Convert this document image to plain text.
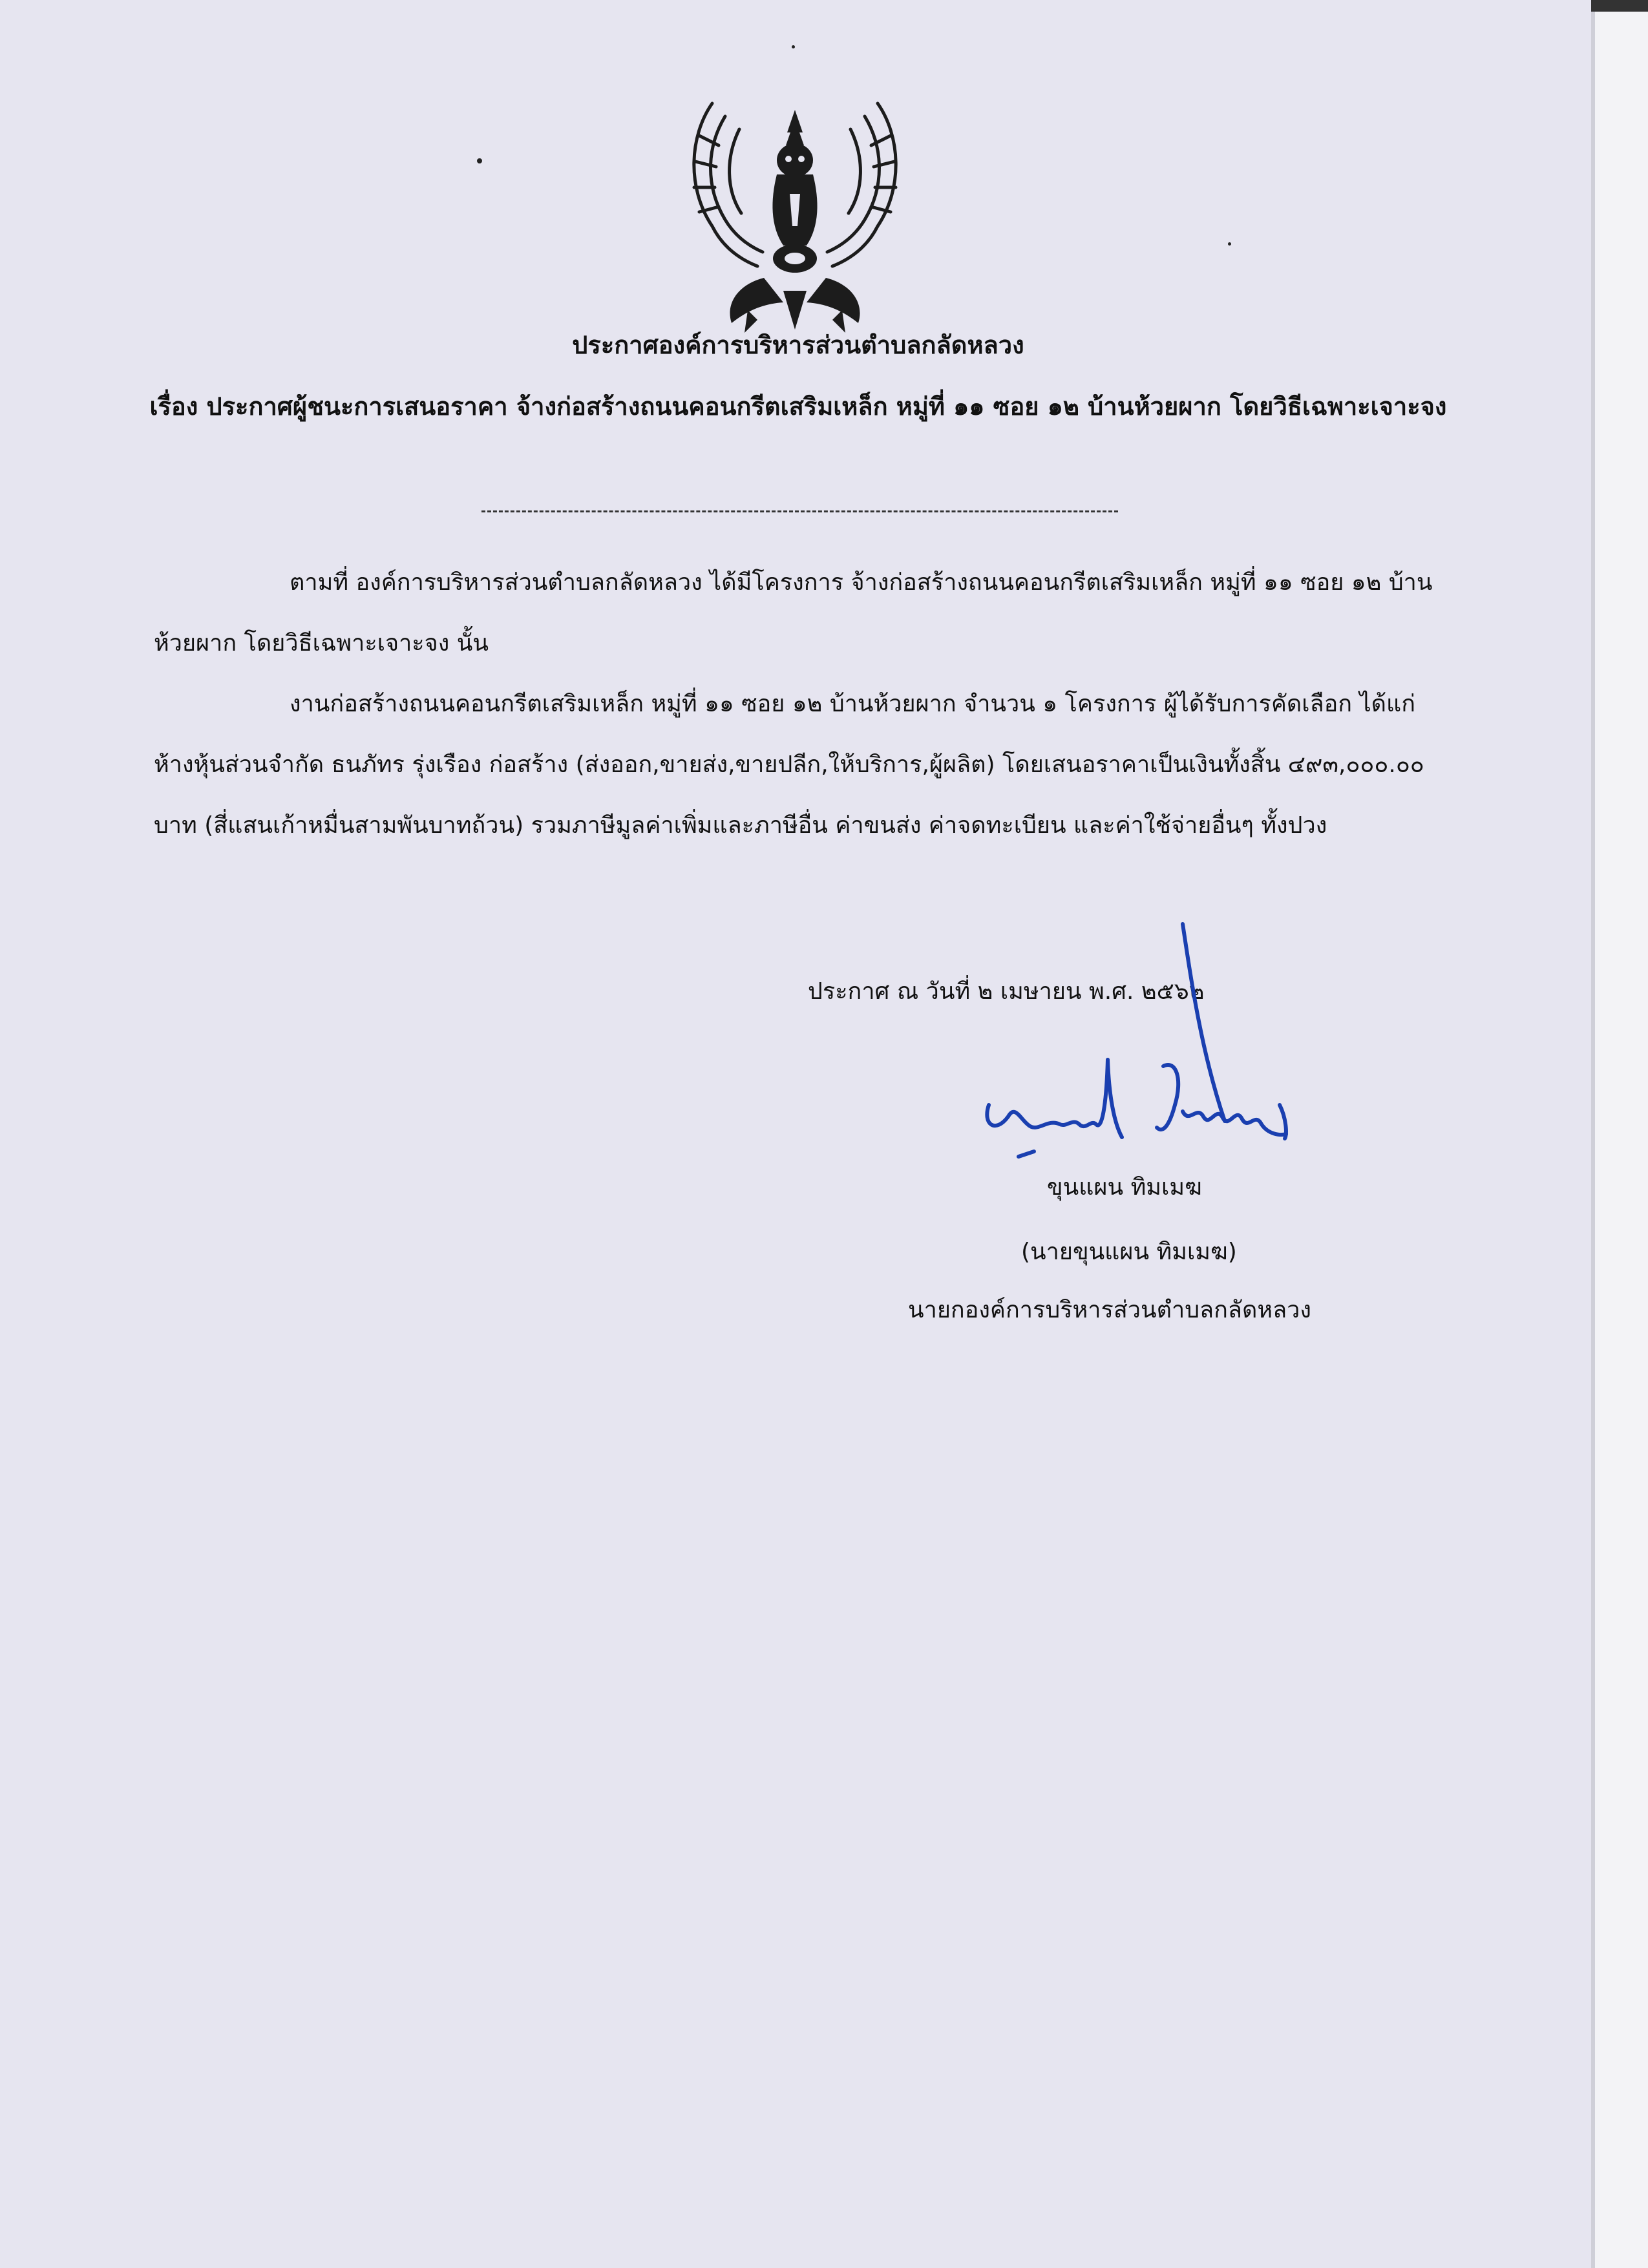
ประกาศองค์การบริหารส่วนตำบลกลัดหลวง
เรื่อง ประกาศผู้ชนะการเสนอราคา จ้างก่อสร้างถนนคอนกรีตเสริมเหล็ก หมู่ที่ ๑๑ ซอย ๑๒ บ้านห้วยผาก โดยวิธีเฉพาะเจาะจง

ตามที่ องค์การบริหารส่วนตำบลกลัดหลวง ได้มีโครงการ จ้างก่อสร้างถนนคอนกรีตเสริมเหล็ก หมู่ที่ ๑๑ ซอย ๑๒ บ้านห้วยผาก โดยวิธีเฉพาะเจาะจง นั้น

งานก่อสร้างถนนคอนกรีตเสริมเหล็ก หมู่ที่ ๑๑ ซอย ๑๒ บ้านห้วยผาก จำนวน ๑ โครงการ ผู้ได้รับการคัดเลือก ได้แก่ ห้างหุ้นส่วนจำกัด ธนภัทร รุ่งเรือง ก่อสร้าง (ส่งออก,ขายส่ง,ขายปลีก,ให้บริการ,ผู้ผลิต) โดยเสนอราคาเป็นเงินทั้งสิ้น ๔๙๓,๐๐๐.๐๐ บาท (สี่แสนเก้าหมื่นสามพันบาทถ้วน) รวมภาษีมูลค่าเพิ่มและภาษีอื่น ค่าขนส่ง ค่าจดทะเบียน และค่าใช้จ่ายอื่นๆ ทั้งปวง

ประกาศ ณ วันที่ ๒ เมษายน พ.ศ. ๒๕๖๒
ขุนแผน ทิมเมฆ
(นายขุนแผน ทิมเมฆ)
นายกองค์การบริหารส่วนตำบลกลัดหลวง
